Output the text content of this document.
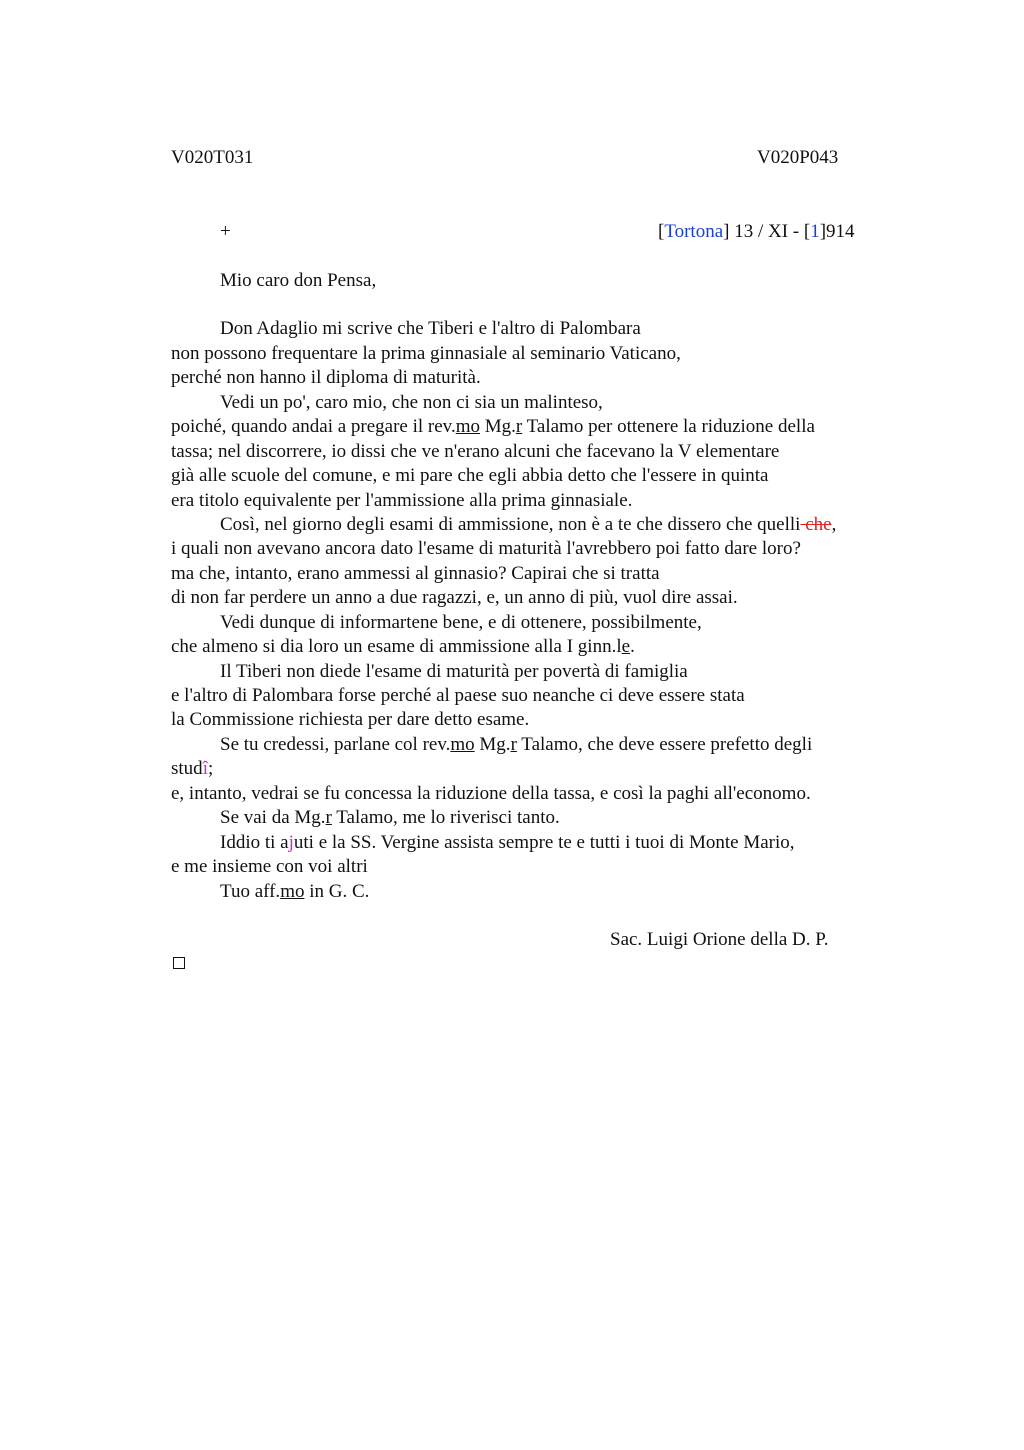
V020T031	V020P043
+	[Tortona] 13 / XI - [1]914
Mio caro don Pensa,
Don Adaglio mi scrive che Tiberi e l'altro di Palombara
non possono frequentare la prima ginnasiale al seminario Vaticano,
perché non hanno il diploma di maturità.
Vedi un po', caro mio, che non ci sia un malinteso,
poiché, quando andai a pregare il rev.mo Mg.r Talamo per ottenere la riduzione della
tassa; nel discorrere, io dissi che ve n'erano alcuni che facevano la V elementare
già alle scuole del comune, e mi pare che egli abbia detto che l'essere in quinta
era titolo equivalente per l'ammissione alla prima ginnasiale.
Così, nel giorno degli esami di ammissione, non è a te che dissero che quelli che,
i quali non avevano ancora dato l'esame di maturità l'avrebbero poi fatto dare loro?
ma che, intanto, erano ammessi al ginnasio? Capirai che si tratta
di non far perdere un anno a due ragazzi, e, un anno di più, vuol dire assai.
Vedi dunque di informartene bene, e di ottenere, possibilmente,
che almeno si dia loro un esame di ammissione alla I ginn.le.
Il Tiberi non diede l'esame di maturità per povertà di famiglia
e l'altro di Palombara forse perché al paese suo neanche ci deve essere stata
la Commissione richiesta per dare detto esame.
Se tu credessi, parlane col rev.mo Mg.r Talamo, che deve essere prefetto degli
studî;
e, intanto, vedrai se fu concessa la riduzione della tassa, e così la paghi all'economo.
Se vai da Mg.r Talamo, me lo riverisci tanto.
Iddio ti ajuti e la SS. Vergine assista sempre te e tutti i tuoi di Monte Mario,
e me insieme con voi altri
Tuo aff.mo in G. C.
Sac. Luigi Orione della D. P.
